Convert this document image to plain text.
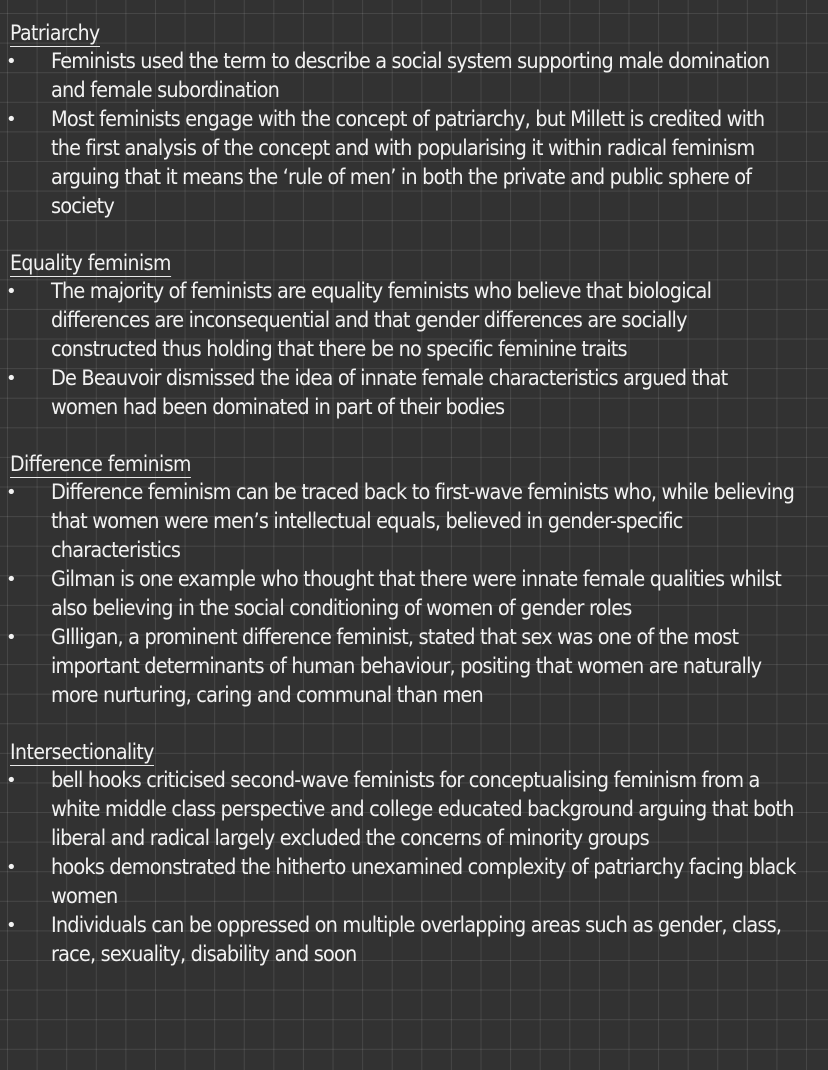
Patriarchy
• Feminists used the term to describe a social system supporting male domination and female subordination
• Most feminists engage with the concept of patriarchy, but Millett is credited with the first analysis of the concept and with popularising it within radical feminism arguing that it means the ‘rule of men’ in both the private and public sphere of society
Equality feminism
• The majority of feminists are equality feminists who believe that biological differences are inconsequential and that gender differences are socially constructed thus holding that there be no specific feminine traits
• De Beauvoir dismissed the idea of innate female characteristics argued that women had been dominated in part of their bodies
Difference feminism
• Difference feminism can be traced back to first-wave feminists who, while believing that women were men’s intellectual equals, believed in gender-specific characteristics
• Gilman is one example who thought that there were innate female qualities whilst also believing in the social conditioning of women of gender roles
• GIlligan, a prominent difference feminist, stated that sex was one of the most important determinants of human behaviour, positing that women are naturally more nurturing, caring and communal than men
Intersectionality
• bell hooks criticised second-wave feminists for conceptualising feminism from a white middle class perspective and college educated background arguing that both liberal and radical largely excluded the concerns of minority groups
• hooks demonstrated the hitherto unexamined complexity of patriarchy facing black women
• Individuals can be oppressed on multiple overlapping areas such as gender, class, race, sexuality, disability and soon
